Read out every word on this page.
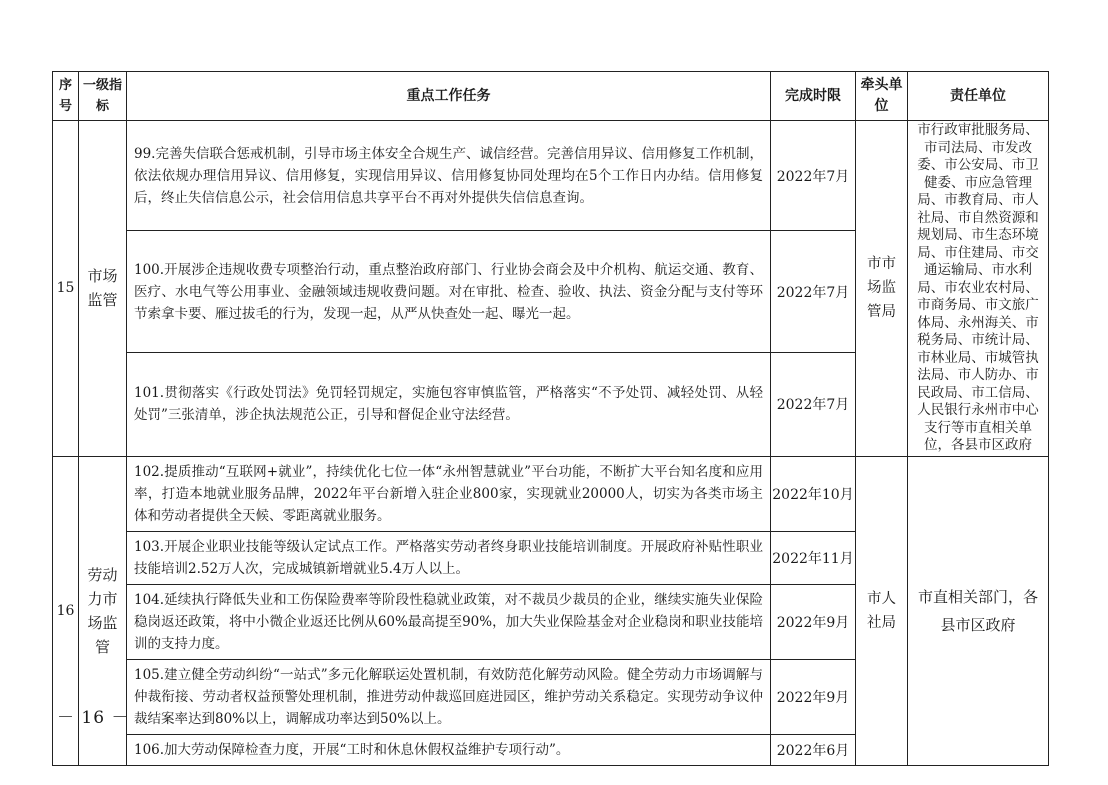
序号	一级指标	重点工作任务	完成时限	牵头单位	责任单位
15	市场监管	99.完善失信联合惩戒机制，引导市场主体安全合规生产、诚信经营。完善信用异议、信用修复工作机制，依法依规办理信用异议、信用修复，实现信用异议、信用修复协同处理均在5个工作日内办结。信用修复后，终止失信信息公示，社会信用信息共享平台不再对外提供失信信息查询。	2022年7月	市市场监管局	市行政审批服务局、市司法局、市发改委、市公安局、市卫健委、市应急管理局、市教育局、市人社局、市自然资源和规划局、市生态环境局、市住建局、市交通运输局、市水利局、市农业农村局、市商务局、市文旅广体局、永州海关、市税务局、市统计局、市林业局、市城管执法局、市人防办、市民政局、市工信局、人民银行永州市中心支行等市直相关单位，各县市区政府
		100.开展涉企违规收费专项整治行动，重点整治政府部门、行业协会商会及中介机构、航运交通、教育、医疗、水电气等公用事业、金融领域违规收费问题。对在审批、检查、验收、执法、资金分配与支付等环节索拿卡要、雁过拔毛的行为，发现一起，从严从快查处一起、曝光一起。	2022年7月		
		101.贯彻落实《行政处罚法》免罚轻罚规定，实施包容审慎监管，严格落实“不予处罚、减轻处罚、从轻处罚”三张清单，涉企执法规范公正，引导和督促企业守法经营。	2022年7月		
16	劳动力市场监管	102.提质推动“互联网+就业”，持续优化七位一体“永州智慧就业”平台功能，不断扩大平台知名度和应用率，打造本地就业服务品牌，2022年平台新增入驻企业800家，实现就业20000人，切实为各类市场主体和劳动者提供全天候、零距离就业服务。	2022年10月	市人社局	市直相关部门，各县市区政府
		103.开展企业职业技能等级认定试点工作。严格落实劳动者终身职业技能培训制度。开展政府补贴性职业技能培训2.52万人次，完成城镇新增就业5.4万人以上。	2022年11月		
		104.延续执行降低失业和工伤保险费率等阶段性稳就业政策，对不裁员少裁员的企业，继续实施失业保险稳岗返还政策，将中小微企业返还比例从60%最高提至90%，加大失业保险基金对企业稳岗和职业技能培训的支持力度。	2022年9月		
		105.建立健全劳动纠纷“一站式”多元化解联运处置机制，有效防范化解劳动风险。健全劳动力市场调解与仲裁衔接、劳动者权益预警处理机制，推进劳动仲裁巡回庭进园区，维护劳动关系稳定。实现劳动争议仲裁结案率达到80%以上，调解成功率达到50%以上。	2022年9月		
		106.加大劳动保障检查力度，开展“工时和休息休假权益维护专项行动”。	2022年6月		
－ 16 －
